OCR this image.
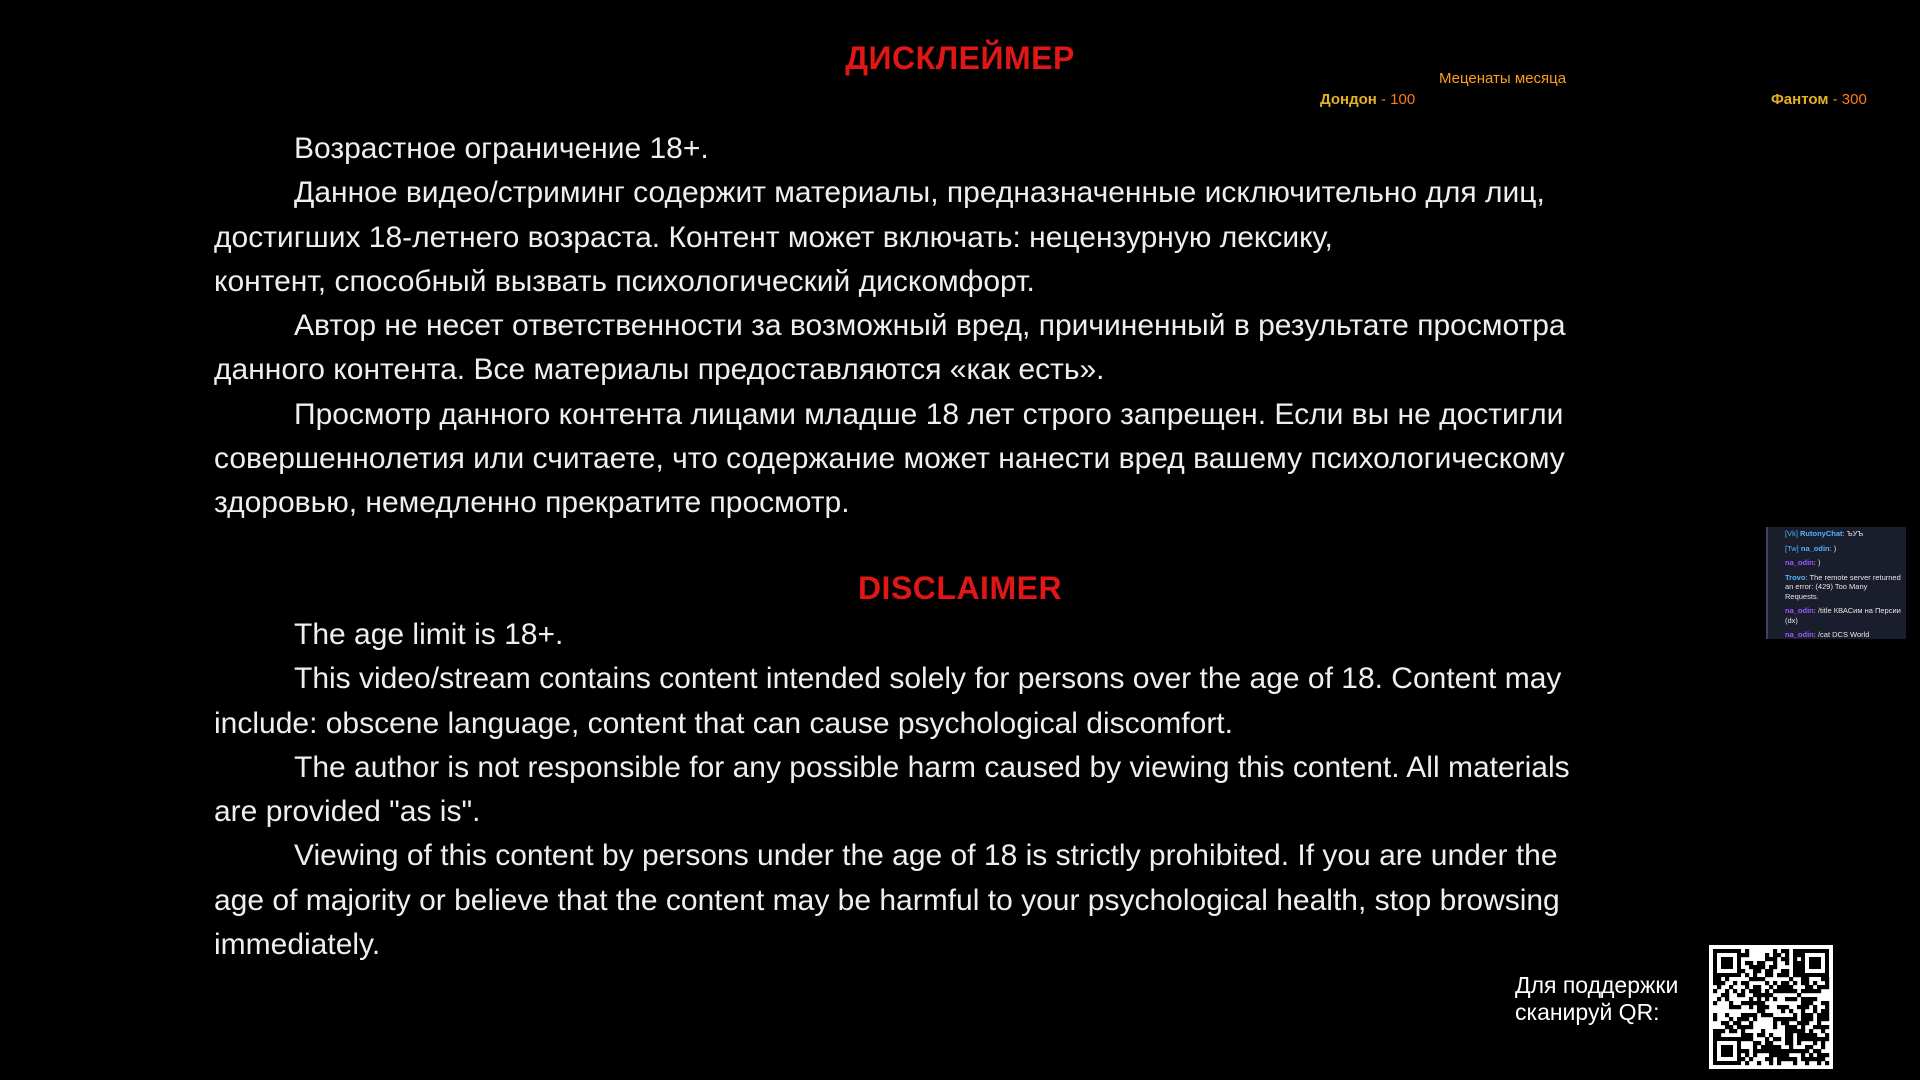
ДИСКЛЕЙМЕР
Возрастное ограничение 18+.
Данное видео/стриминг содержит материалы, предназначенные исключительно для лиц,
достигших 18-летнего возраста. Контент может включать: нецензурную лексику,
контент, способный вызвать психологический дискомфорт.
Автор не несет ответственности за возможный вред, причиненный в результате просмотра
данного контента. Все материалы предоставляются «как есть».
Просмотр данного контента лицами младше 18 лет строго запрещен. Если вы не достигли
совершеннолетия или считаете, что содержание может нанести вред вашему психологическому
здоровью, немедленно прекратите просмотр.
DISCLAIMER
The age limit is 18+.
This video/stream contains content intended solely for persons over the age of 18. Content may
include: obscene language, content that can cause psychological discomfort.
The author is not responsible for any possible harm caused by viewing this content. All materials
are provided "as is".
Viewing of this content by persons under the age of 18 is strictly prohibited. If you are under the
age of majority or believe that the content may be harmful to your psychological health, stop browsing
immediately.
Меценаты месяца
Дондон - 100	Фантом - 300
[Vk] RutonyChat: ЪУЪ
[Tw] na_odin: )
na_odin: )
Trovo: The remote server returned an error: (429) Too Many Requests.
na_odin: /title КВАСим на Персии (dx)
na_odin: /cat DCS World
Для поддержки
сканируй QR:
